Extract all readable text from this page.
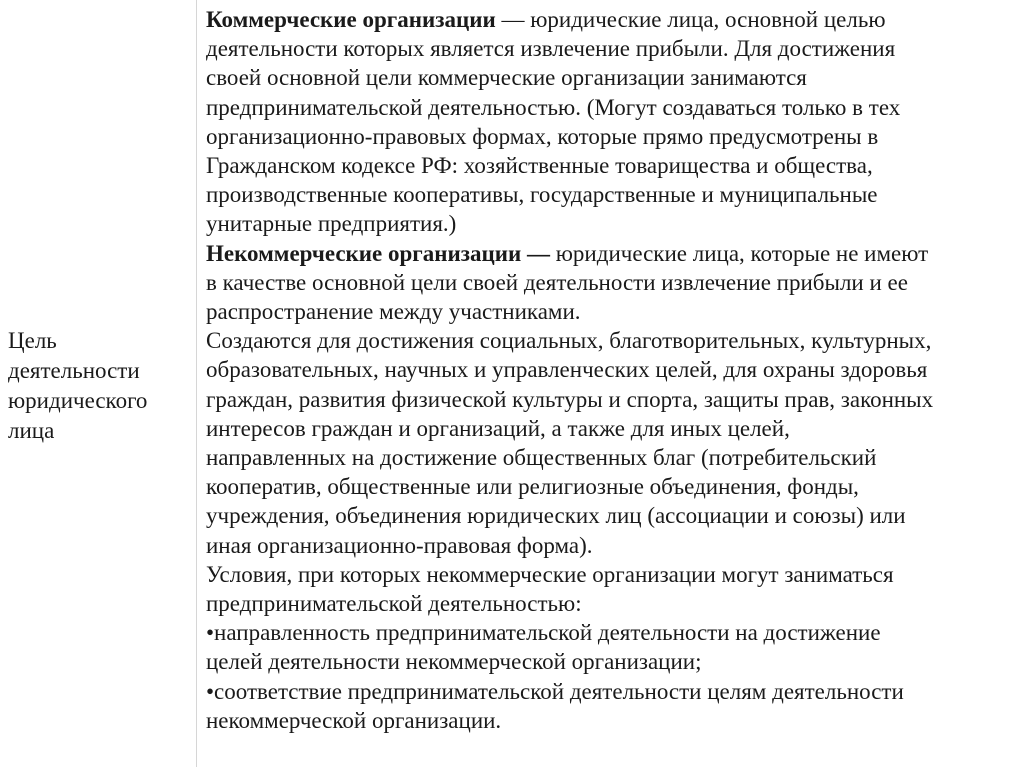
Цель
деятельности
юридического
лица
Коммерческие организации — юридические лица, основной целью
деятельности которых является извлечение прибыли. Для достижения
своей основной цели коммерческие организации занимаются
предпринимательской деятельностью. (Могут создаваться только в тех
организационно-правовых формах, которые прямо предусмотрены в
Гражданском кодексе РФ: хозяйственные товарищества и общества,
производственные кооперативы, государственные и муниципальные
унитарные предприятия.)
Некоммерческие организации — юридические лица, которые не имеют
в качестве основной цели своей деятельности извлечение прибыли и ее
распространение между участниками.
Создаются для достижения социальных, благотворительных, культурных,
образовательных, научных и управленческих целей, для охраны здоровья
граждан, развития физической культуры и спорта, защиты прав, законных
интересов граждан и организаций, а также для иных целей,
направленных на достижение общественных благ (потребительский
кооператив, общественные или религиозные объединения, фонды,
учреждения, объединения юридических лиц (ассоциации и союзы) или
иная организационно-правовая форма).
Условия, при которых некоммерческие организации могут заниматься
предпринимательской деятельностью:
•направленность предпринимательской деятельности на достижение
целей деятельности некоммерческой организации;
•соответствие предпринимательской деятельности целям деятельности
некоммерческой организации.
